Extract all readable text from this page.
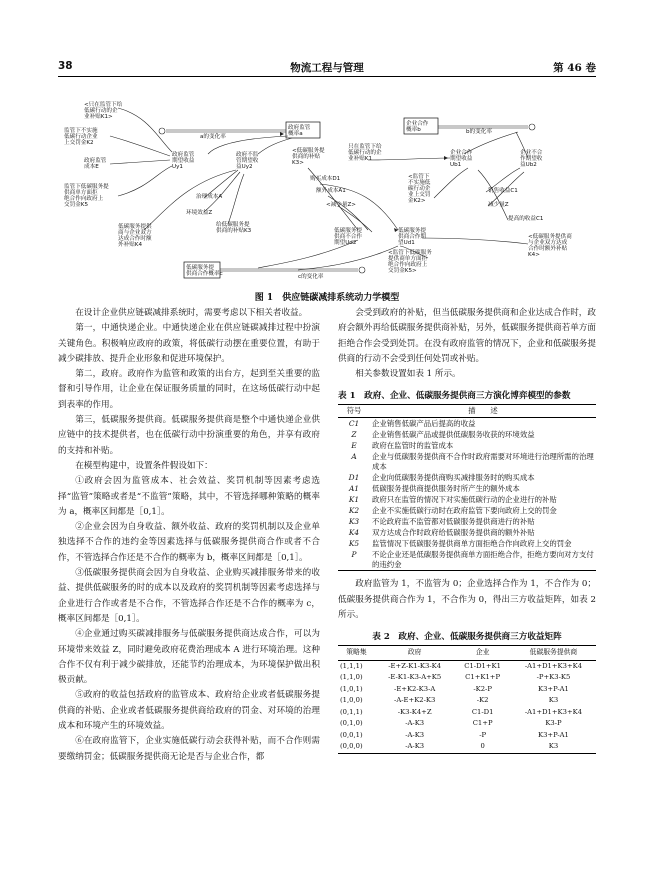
38	物流工程与管理	第 46 卷
政府监管概率a
企业合作概率b
低碳服务提供商合作概率c
a的变化率
b的变化率
c的变化率
政府监管期望收益 Uy1
政府不监管期望收益Uy2
企业合作期望收益 Ub1
企业不合作期望收益Ub2
低碳服务提供商不合作期望Ud2
低碳服务提供商合作期望Ud1
<只在监管下给低碳行动的企业补贴K1>
监管下不实施低碳行动企业上交罚金K2
政府监管成本E
监管下低碳服务提供商单方面拒绝合作向政府上交罚金K5
低碳服务提供商与企业双方达成合作时额外补贴K4
治理成本A
环境效益Z
给低碳服务提供商的补贴K3
<低碳服务提供商的补贴 K3>
购买成本D1
额外成本A1
<减少量Z>
只在监管下给低碳行动的企业补贴K1
<监管下不实施低碳行动企业上交罚金K2>
销售收益C1
减少量Z
提高的收益C1
<监管下低碳服务提供商单方面拒绝合作向政府上交罚金K5>
<低碳服务提供商与企业双方达成合作时额外补贴 K4>
图 1　供应链碳减排系统动力学模型

在设计企业供应链碳减排系统时，需要考虑以下相关者收益。

第一，中通快递企业。中通快递企业在供应链碳减排过程中扮演关键角色。积极响应政府的政策，将低碳行动摆在重要位置，有助于减少碳排放、提升企业形象和促进环境保护。

第二，政府。政府作为监管和政策的出台方，起到至关重要的监督和引导作用，让企业在保证服务质量的同时，在这场低碳行动中起到表率的作用。

第三，低碳服务提供商。低碳服务提供商是整个中通快递企业供应链中的技术提供者，也在低碳行动中扮演重要的角色，并享有政府的支持和补贴。

在模型构建中，设置条件假设如下：

①政府会因为监管成本、社会效益、奖罚机制等因素考虑选择“监管”策略或者是“不监管”策略，其中，不管选择哪种策略的概率为 a，概率区间都是［0,1］。

②企业会因为自身收益、额外收益、政府的奖罚机制以及企业单独选择不合作的违约金等因素选择与低碳服务提供商合作或者不合作，不管选择合作还是不合作的概率为 b，概率区间都是［0,1］。

③低碳服务提供商会因为自身收益、企业购买减排服务带来的收益、提供低碳服务的时的成本以及政府的奖罚机制等因素考虑选择与企业进行合作或者是不合作，不管选择合作还是不合作的概率为 c，概率区间都是［0,1］。

④企业通过购买碳减排服务与低碳服务提供商达成合作，可以为环境带来效益 Z，同时避免政府花费治理成本 A 进行环境治理。这种合作不仅有利于减少碳排放，还能节约治理成本，为环境保护做出积极贡献。

⑤政府的收益包括政府的监管成本、政府给企业或者低碳服务提供商的补贴、企业或者低碳服务提供商给政府的罚金、对环境的治理成本和环境产生的环境效益。

⑥在政府监管下，企业实施低碳行动会获得补贴，而不合作则需要缴纳罚金；低碳服务提供商无论是否与企业合作，都

会受到政府的补贴，但当低碳服务提供商和企业达成合作时，政府会额外再给低碳服务提供商补贴，另外，低碳服务提供商若单方面拒绝合作会受到处罚。在没有政府监管的情况下，企业和低碳服务提供商的行动不会受到任何处罚或补贴。

相关参数设置如表 1 所示。

表 1　政府、企业、低碳服务提供商三方演化博弈模型的参数
符号	描　　述
C1	企业销售低碳产品后提高的收益
Z	企业销售低碳产品或提供低碳服务收获的环境效益
E	政府在监管时的监管成本
A	企业与低碳服务提供商不合作时政府需要对环境进行治理所需的治理成本
D1	企业向低碳服务提供商购买减排服务时的购买成本
A1	低碳服务提供商提供服务时所产生的额外成本
K1	政府只在监管的情况下对实施低碳行动的企业进行的补贴
K2	企业不实施低碳行动时在政府监管下要向政府上交的罚金
K3	不论政府监不监管都对低碳服务提供商进行的补贴
K4	双方达成合作时政府给低碳服务提供商的额外补贴
K5	监管情况下低碳服务提供商单方面拒绝合作向政府上交的罚金
P	不论企业还是低碳服务提供商单方面拒绝合作，拒绝方要向对方支付的违约金

政府监管为 1，不监管为 0；企业选择合作为 1，不合作为 0；低碳服务提供商合作为 1，不合作为 0，得出三方收益矩阵，如表 2 所示。

表 2　政府、企业、低碳服务提供商三方收益矩阵
策略集	政府	企业	低碳服务提供商
(1,1,1)	-E+Z-K1-K3-K4	C1-D1+K1	-A1+D1+K3+K4
(1,1,0)	-E-K1-K3-A+K5	C1+K1+P	-P+K3-K5
(1,0,1)	-E+K2-K3-A	-K2-P	K3+P-A1
(1,0,0)	-A-E+K2-K3	-K2	K3
(0,1,1)	-K3-K4+Z	C1-D1	-A1+D1+K3+K4
(0,1,0)	-A-K3	C1+P	K3-P
(0,0,1)	-A-K3	-P	K3+P-A1
(0,0,0)	-A-K3	0	K3
